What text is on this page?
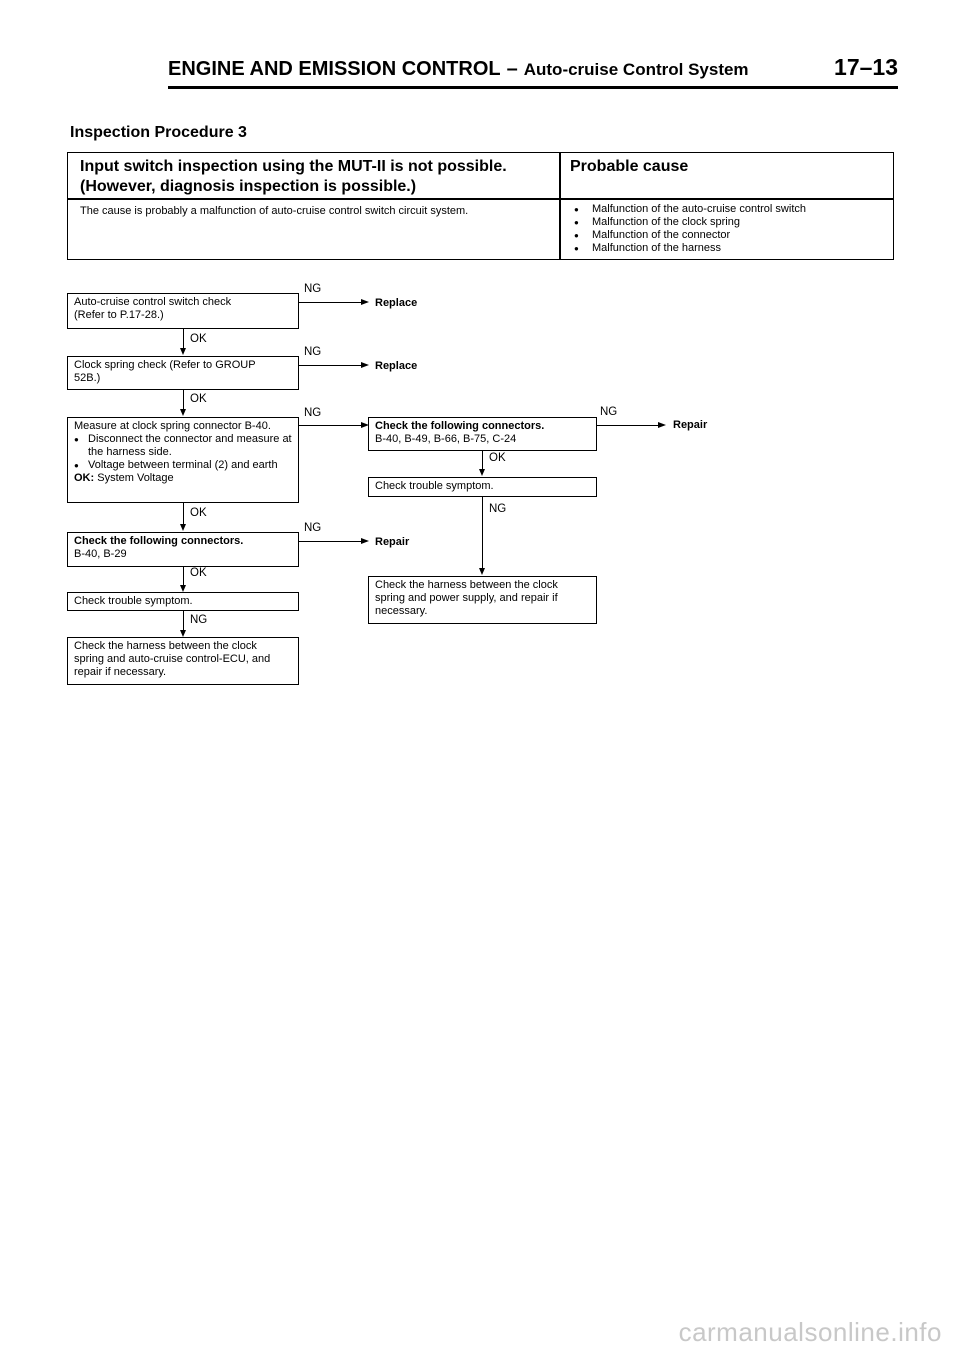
ENGINE AND EMISSION CONTROL – Auto-cruise Control System	17–13
Inspection Procedure 3
Input switch inspection using the MUT-II is not possible.
(However, diagnosis inspection is possible.)
Probable cause
The cause is probably a malfunction of auto-cruise control switch circuit system.
●	Malfunction of the auto-cruise control switch
● Malfunction of the clock spring
● Malfunction of the connector
● Malfunction of the harness
Auto-cruise control switch check
(Refer to P.17-28.)
NG
Replace
OK
Clock spring check (Refer to GROUP
52B.)
NG
Replace
OK
Measure at clock spring connector B-40.
● Disconnect the connector and measure at the harness side.
● Voltage between terminal (2) and earth
OK: System Voltage
NG
OK
Check the following connectors.
B-40, B-29
NG
Repair
OK
Check trouble symptom.
NG
Check the harness between the clock
spring and auto-cruise control-ECU, and
repair if necessary.
Check the following connectors.
B-40, B-49, B-66, B-75, C-24
NG
Repair
OK
Check trouble symptom.
NG
Check the harness between the clock
spring and power supply, and repair if
necessary.
carmanualsonline.info
